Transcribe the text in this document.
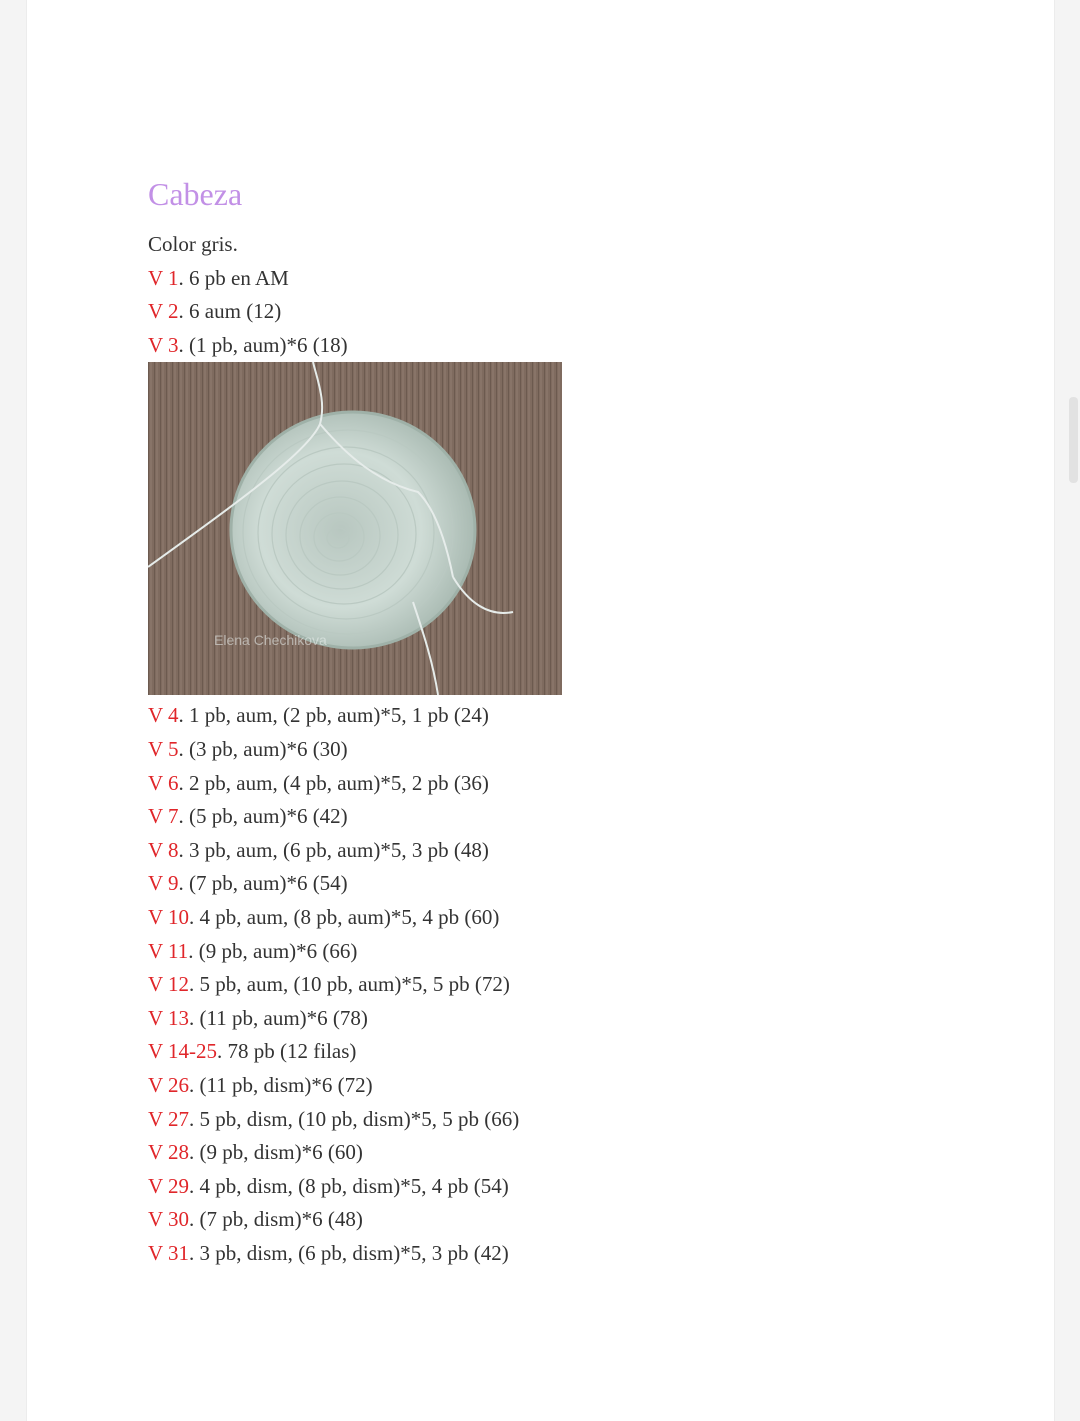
Cabeza

Color gris.

V 1. 6 pb en AM

V 2. 6 aum (12)

V 3. (1 pb, aum)*6 (18)

Elena Chechikova

V 4. 1 pb, aum, (2 pb, aum)*5, 1 pb (24)

V 5. (3 pb, aum)*6 (30)

V 6. 2 pb, aum, (4 pb, aum)*5, 2 pb (36)

V 7. (5 pb, aum)*6 (42)

V 8. 3 pb, aum, (6 pb, aum)*5, 3 pb (48)

V 9. (7 pb, aum)*6 (54)

V 10. 4 pb, aum, (8 pb, aum)*5, 4 pb (60)

V 11. (9 pb, aum)*6 (66)

V 12. 5 pb, aum, (10 pb, aum)*5, 5 pb (72)

V 13. (11 pb, aum)*6 (78)

V 14-25. 78 pb (12 filas)

V 26. (11 pb, dism)*6 (72)

V 27. 5 pb, dism, (10 pb, dism)*5, 5 pb (66)

V 28. (9 pb, dism)*6 (60)

V 29. 4 pb, dism, (8 pb, dism)*5, 4 pb (54)

V 30. (7 pb, dism)*6 (48)

V 31. 3 pb, dism, (6 pb, dism)*5, 3 pb (42)
